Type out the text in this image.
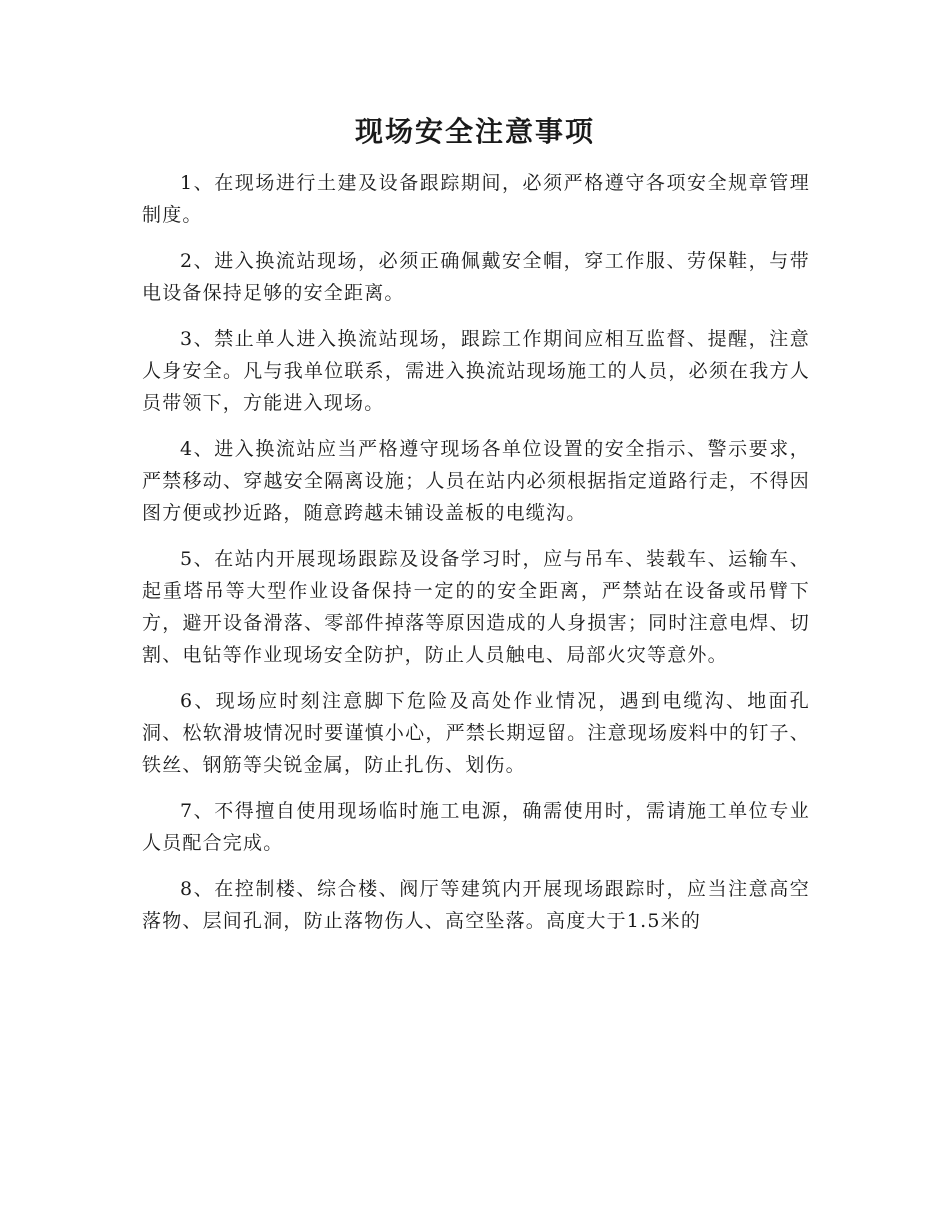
现场安全注意事项

1、在现场进行土建及设备跟踪期间，必须严格遵守各项安全规章管理制度。

2、进入换流站现场，必须正确佩戴安全帽，穿工作服、劳保鞋，与带电设备保持足够的安全距离。

3、禁止单人进入换流站现场，跟踪工作期间应相互监督、提醒，注意人身安全。凡与我单位联系，需进入换流站现场施工的人员，必须在我方人员带领下，方能进入现场。

4、进入换流站应当严格遵守现场各单位设置的安全指示、警示要求，严禁移动、穿越安全隔离设施；人员在站内必须根据指定道路行走，不得因图方便或抄近路，随意跨越未铺设盖板的电缆沟。

5、在站内开展现场跟踪及设备学习时，应与吊车、装载车、运输车、起重塔吊等大型作业设备保持一定的的安全距离，严禁站在设备或吊臂下方，避开设备滑落、零部件掉落等原因造成的人身损害；同时注意电焊、切割、电钻等作业现场安全防护，防止人员触电、局部火灾等意外。

6、现场应时刻注意脚下危险及高处作业情况，遇到电缆沟、地面孔洞、松软滑坡情况时要谨慎小心，严禁长期逗留。注意现场废料中的钉子、铁丝、钢筋等尖锐金属，防止扎伤、划伤。

7、不得擅自使用现场临时施工电源，确需使用时，需请施工单位专业人员配合完成。

8、在控制楼、综合楼、阀厅等建筑内开展现场跟踪时，应当注意高空落物、层间孔洞，防止落物伤人、高空坠落。高度大于1.5米的
